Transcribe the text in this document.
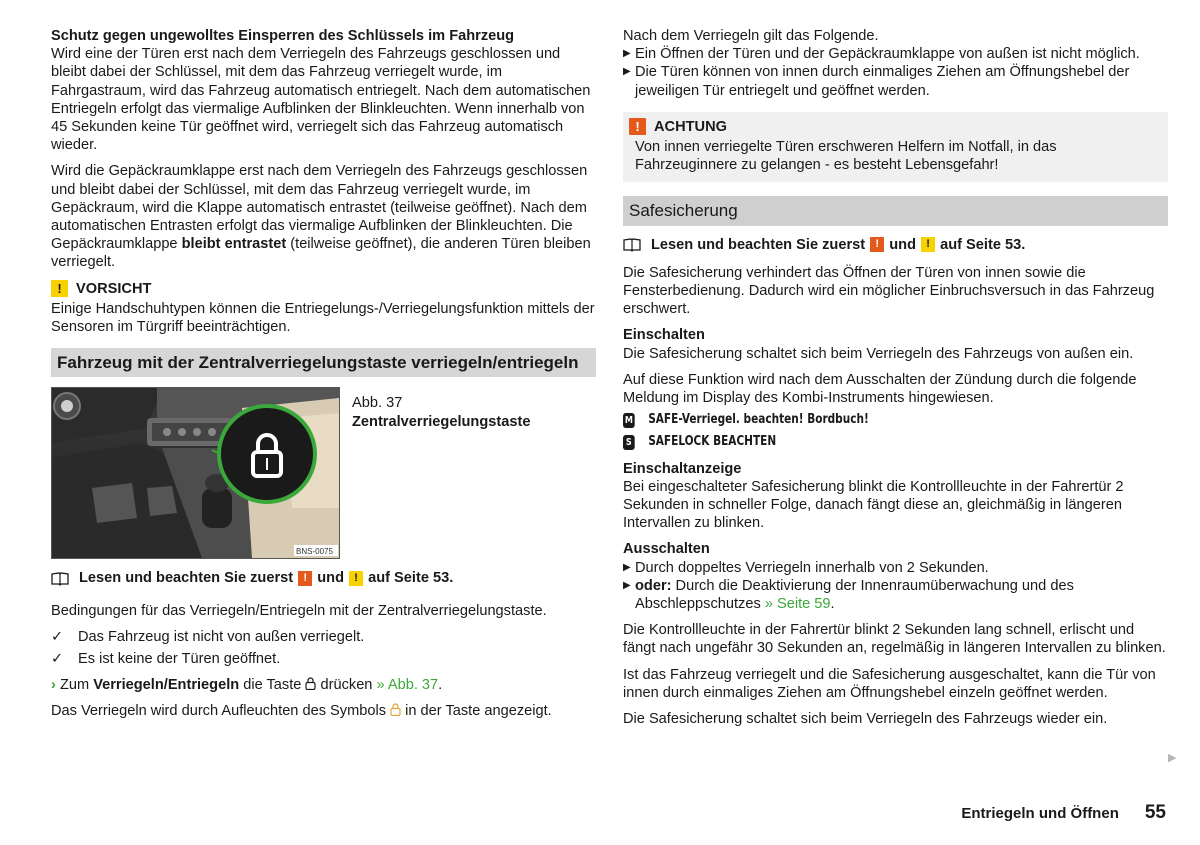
Schutz gegen ungewolltes Einsperren des Schlüssels im Fahrzeug
Wird eine der Türen erst nach dem Verriegeln des Fahrzeugs geschlossen und bleibt dabei der Schlüssel, mit dem das Fahrzeug verriegelt wurde, im Fahrgastraum, wird das Fahrzeug automatisch entriegelt. Nach dem automatischen Entriegeln erfolgt das viermalige Aufblinken der Blinkleuchten. Wenn innerhalb von 45 Sekunden keine Tür geöffnet wird, verriegelt sich das Fahrzeug automatisch wieder.

Wird die Gepäckraumklappe erst nach dem Verriegeln des Fahrzeugs geschlossen und bleibt dabei der Schlüssel, mit dem das Fahrzeug verriegelt wurde, im Gepäckraum, wird die Klappe automatisch entrastet (teilweise geöffnet). Nach dem automatischen Entrasten erfolgt das viermalige Aufblinken der Blinkleuchten. Die Gepäckraumklappe bleibt entrastet (teilweise geöffnet), die anderen Türen bleiben verriegelt.

! VORSICHT
Einige Handschuhtypen können die Entriegelungs-/Verriegelungsfunktion mittels der Sensoren im Türgriff beeinträchtigen.
Fahrzeug mit der Zentralverriegelungstaste verriegeln/entriegeln
BNS-0075
Abb. 37
Zentralverriegelungstaste
Lesen und beachten Sie zuerst
!
und
!
auf Seite 53.

Bedingungen für das Verriegeln/Entriegeln mit der Zentralverriegelungstaste.

✓	Das Fahrzeug ist nicht von außen verriegelt.
✓	Es ist keine der Türen geöffnet.

› Zum Verriegeln/Entriegeln die Taste  drücken » Abb. 37.

Das Verriegeln wird durch Aufleuchten des Symbols  in der Taste angezeigt.

Nach dem Verriegeln gilt das Folgende.
▶ Ein Öffnen der Türen und der Gepäckraumklappe von außen ist nicht möglich.
▶ Die Türen können von innen durch einmaliges Ziehen am Öffnungshebel der jeweiligen Tür entriegelt und geöffnet werden.
! ACHTUNG
Von innen verriegelte Türen erschweren Helfern im Notfall, in das Fahrzeuginnere zu gelangen - es besteht Lebensgefahr!
Safesicherung
Lesen und beachten Sie zuerst
!
und
!
auf Seite 53.

Die Safesicherung verhindert das Öffnen der Türen von innen sowie die Fensterbedienung. Dadurch wird ein möglicher Einbruchsversuch in das Fahrzeug erschwert.

Einschalten

Die Safesicherung schaltet sich beim Verriegeln des Fahrzeugs von außen ein.

Auf diese Funktion wird nach dem Ausschalten der Zündung durch die folgende Meldung im Display des Kombi-Instruments hingewiesen.

M SAFE-Verriegel. beachten! Bordbuch!
S SAFELOCK BEACHTEN
Einschaltanzeige

Bei eingeschalteter Safesicherung blinkt die Kontrollleuchte in der Fahrertür 2 Sekunden in schneller Folge, danach fängt diese an, gleichmäßig in längeren Intervallen zu blinken.

Ausschalten
▶ Durch doppeltes Verriegeln innerhalb von 2 Sekunden.
▶ oder: Durch die Deaktivierung der Innenraumüberwachung und des Abschleppschutzes » Seite 59.

Die Kontrollleuchte in der Fahrertür blinkt 2 Sekunden lang schnell, erlischt und fängt nach ungefähr 30 Sekunden an, regelmäßig in längeren Intervallen zu blinken.

Ist das Fahrzeug verriegelt und die Safesicherung ausgeschaltet, kann die Tür von innen durch einmaliges Ziehen am Öffnungshebel einzeln geöffnet werden.

Die Safesicherung schaltet sich beim Verriegeln des Fahrzeugs wieder ein.

▶
Entriegeln und Öffnen 55
